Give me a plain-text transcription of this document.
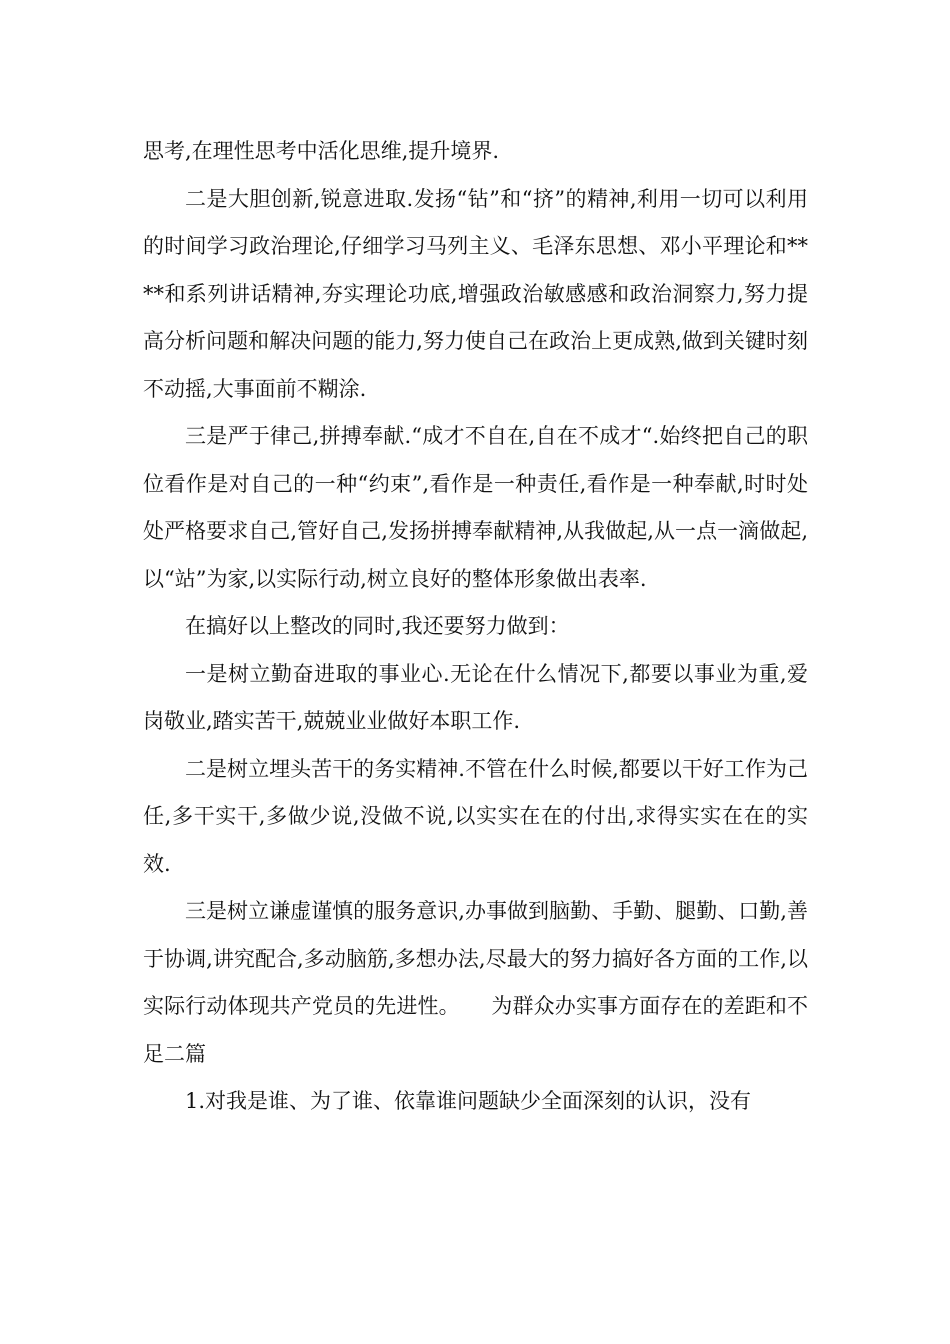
思考,在理性思考中活化思维,提升境界.

二是大胆创新,锐意进取.发扬“钻”和“挤”的精神,利用一切可以利用的时间学习政治理论,仔细学习马列主义、毛泽东思想、邓小平理论和****和系列讲话精神,夯实理论功底,增强政治敏感感和政治洞察力,努力提高分析问题和解决问题的能力,努力使自己在政治上更成熟,做到关键时刻不动摇,大事面前不糊涂.

三是严于律己,拼搏奉献.“成才不自在,自在不成才“.始终把自己的职位看作是对自己的一种“约束”,看作是一种责任,看作是一种奉献,时时处处严格要求自己,管好自己,发扬拼搏奉献精神,从我做起,从一点一滴做起,以“站”为家,以实际行动,树立良好的整体形象做出表率.

在搞好以上整改的同时,我还要努力做到：

一是树立勤奋进取的事业心.无论在什么情况下,都要以事业为重,爱岗敬业,踏实苦干,兢兢业业做好本职工作.

二是树立埋头苦干的务实精神.不管在什么时候,都要以干好工作为己任,多干实干,多做少说,没做不说,以实实在在的付出,求得实实在在的实效.

三是树立谦虚谨慎的服务意识,办事做到脑勤、手勤、腿勤、口勤,善于协调,讲究配合,多动脑筋,多想办法,尽最大的努力搞好各方面的工作,以实际行动体现共产党员的先进性。　　为群众办实事方面存在的差距和不足二篇

1.对我是谁、为了谁、依靠谁问题缺少全面深刻的认识，没有
